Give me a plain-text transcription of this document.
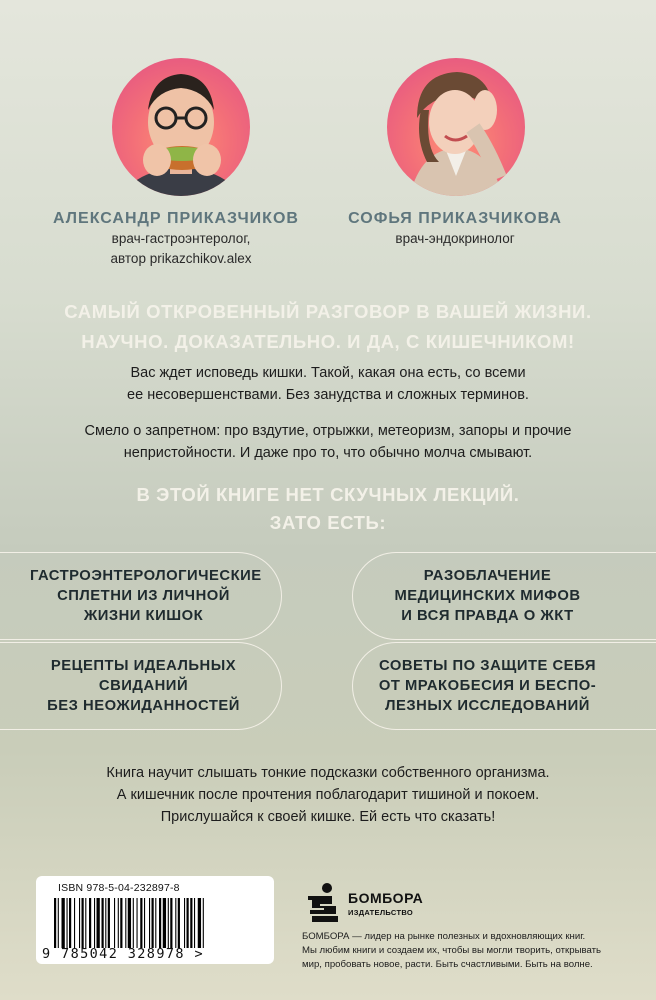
АЛЕКСАНДР ПРИКАЗЧИКОВ
врач-гастроэнтеролог,
автор prikazchikov.alex
СОФЬЯ ПРИКАЗЧИКОВА
врач-эндокринолог
САМЫЙ ОТКРОВЕННЫЙ РАЗГОВОР В ВАШЕЙ ЖИЗНИ.
НАУЧНО. ДОКАЗАТЕЛЬНО. И ДА, С КИШЕЧНИКОМ!
Вас ждет исповедь кишки. Такой, какая она есть, со всеми
ее несовершенствами. Без занудства и сложных терминов.
Смело о запретном: про вздутие, отрыжки, метеоризм, запоры и прочие
непристойности. И даже про то, что обычно молча смывают.
В ЭТОЙ КНИГЕ НЕТ СКУЧНЫХ ЛЕКЦИЙ.
ЗАТО ЕСТЬ:
ГАСТРОЭНТЕРОЛОГИЧЕСКИЕ
СПЛЕТНИ ИЗ ЛИЧНОЙ
ЖИЗНИ КИШОК
РАЗОБЛАЧЕНИЕ
МЕДИЦИНСКИХ МИФОВ
И ВСЯ ПРАВДА О ЖКТ
РЕЦЕПТЫ ИДЕАЛЬНЫХ
СВИДАНИЙ
БЕЗ НЕОЖИДАННОСТЕЙ
СОВЕТЫ ПО ЗАЩИТЕ СЕБЯ
ОТ МРАКОБЕСИЯ И БЕСПО-
ЛЕЗНЫХ ИССЛЕДОВАНИЙ
Книга научит слышать тонкие подсказки собственного организма.
А кишечник после прочтения поблагодарит тишиной и покоем.
Прислушайся к своей кишке. Ей есть что сказать!
ISBN 978-5-04-232897-8
9 785042 328978 >
БОМБОРА
ИЗДАТЕЛЬСТВО
БОМБОРА — лидер на рынке полезных и вдохновляющих книг.
Мы любим книги и создаем их, чтобы вы могли творить, открывать
мир, пробовать новое, расти. Быть счастливыми. Быть на волне.
